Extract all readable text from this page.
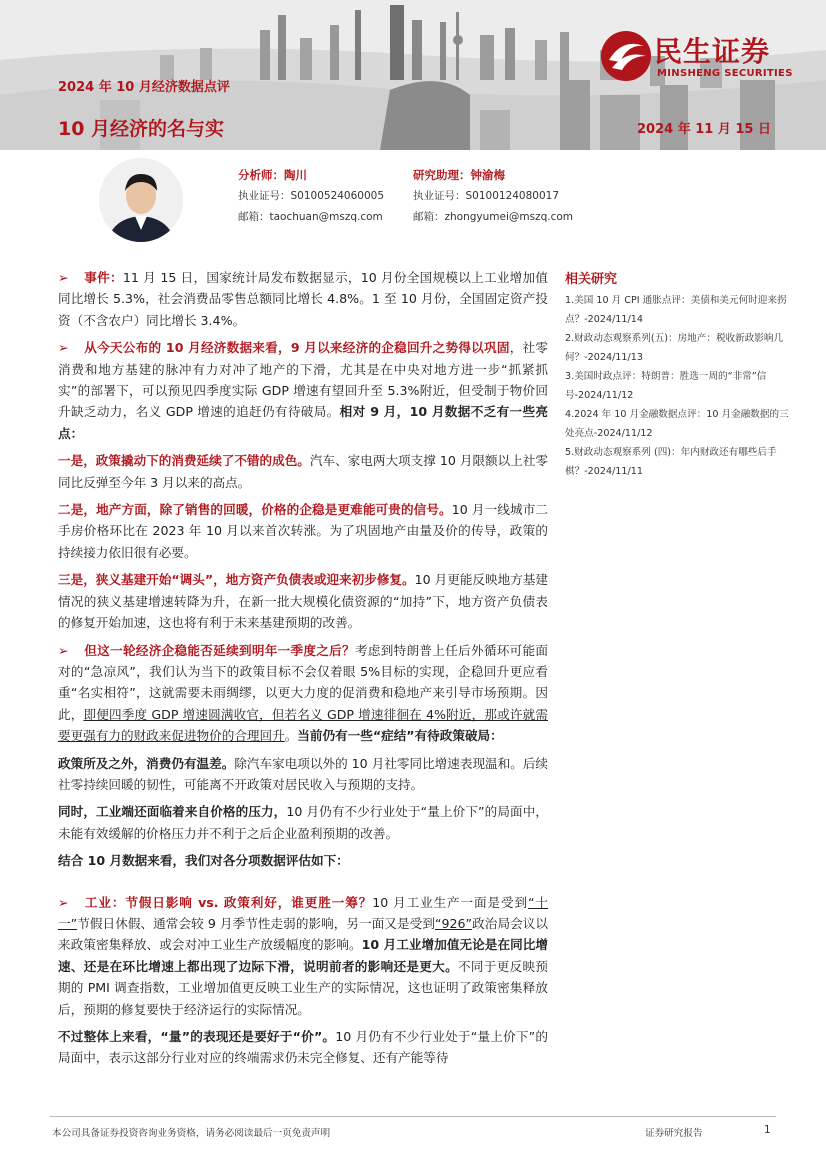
2024 年 10 月经济数据点评
10 月经济的名与实	2024 年 11 月 15 日
民生证券
MINSHENG SECURITIES
分析师：陶川
执业证号：S0100524060005
邮箱：taochuan@mszq.com
研究助理：钟渝梅
执业证号：S0100124080017
邮箱：zhongyumei@mszq.com

➢ 事件：11 月 15 日，国家统计局发布数据显示，10 月份全国规模以上工业增加值同比增长 5.3%，社会消费品零售总额同比增长 4.8%。1 至 10 月份，全国固定资产投资（不含农户）同比增长 3.4%。

➢ 从今天公布的 10 月经济数据来看，9 月以来经济的企稳回升之势得以巩固，社零消费和地方基建的脉冲有力对冲了地产的下滑，尤其是在中央对地方进一步“抓紧抓实”的部署下，可以预见四季度实际 GDP 增速有望回升至 5.3%附近，但受制于物价回升缺乏动力，名义 GDP 增速的追赶仍有待破局。相对 9 月，10 月数据不乏有一些亮点：

一是，政策撬动下的消费延续了不错的成色。汽车、家电两大项支撑 10 月限额以上社零同比反弹至今年 3 月以来的高点。

二是，地产方面，除了销售的回暖，价格的企稳是更难能可贵的信号。10 月一线城市二手房价格环比在 2023 年 10 月以来首次转涨。为了巩固地产由量及价的传导，政策的持续接力依旧很有必要。

三是，狭义基建开始“调头”，地方资产负债表或迎来初步修复。10 月更能反映地方基建情况的狭义基建增速转降为升，在新一批大规模化债资源的“加持”下，地方资产负债表的修复开始加速，这也将有利于未来基建预期的改善。

➢ 但这一轮经济企稳能否延续到明年一季度之后？考虑到特朗普上任后外循环可能面对的“急凉风”，我们认为当下的政策目标不会仅着眼 5%目标的实现，企稳回升更应看重“名实相符”，这就需要未雨绸缪，以更大力度的促消费和稳地产来引导市场预期。因此，即便四季度 GDP 增速圆满收官，但若名义 GDP 增速徘徊在 4%附近，那或许就需要更强有力的财政来促进物价的合理回升。当前仍有一些“症结”有待政策破局：

政策所及之外，消费仍有温差。除汽车家电项以外的 10 月社零同比增速表现温和。后续社零持续回暖的韧性，可能离不开政策对居民收入与预期的支持。

同时，工业端还面临着来自价格的压力，10 月仍有不少行业处于“量上价下”的局面中，未能有效缓解的价格压力并不利于之后企业盈利预期的改善。

结合 10 月数据来看，我们对各分项数据评估如下：

➢ 工业：节假日影响 vs. 政策利好，谁更胜一筹？10 月工业生产一面是受到“十一”节假日休假、通常会较 9 月季节性走弱的影响，另一面又是受到“926”政治局会议以来政策密集释放、或会对冲工业生产放缓幅度的影响。10 月工业增加值无论是在同比增速、还是在环比增速上都出现了边际下滑，说明前者的影响还是更大。不同于更反映预期的 PMI 调查指数，工业增加值更反映工业生产的实际情况，这也证明了政策密集释放后，预期的修复要快于经济运行的实际情况。

不过整体上来看，“量”的表现还是要好于“价”。10 月仍有不少行业处于“量上价下”的局面中，表示这部分行业对应的终端需求仍未完全修复、还有产能等待

相关研究
1.美国 10 月 CPI 通胀点评：美债和美元何时迎来拐点？-2024/11/14
2.财政动态观察系列(五)：房地产：税收新政影响几何？-2024/11/13
3.美国时政点评：特朗普：胜选一周的“非常”信号-2024/11/12
4.2024 年 10 月金融数据点评：10 月金融数据的三处亮点-2024/11/12
5.财政动态观察系列 (四)：年内财政还有哪些后手棋？-2024/11/11
本公司具备证券投资咨询业务资格，请务必阅读最后一页免责声明	证券研究报告	1
